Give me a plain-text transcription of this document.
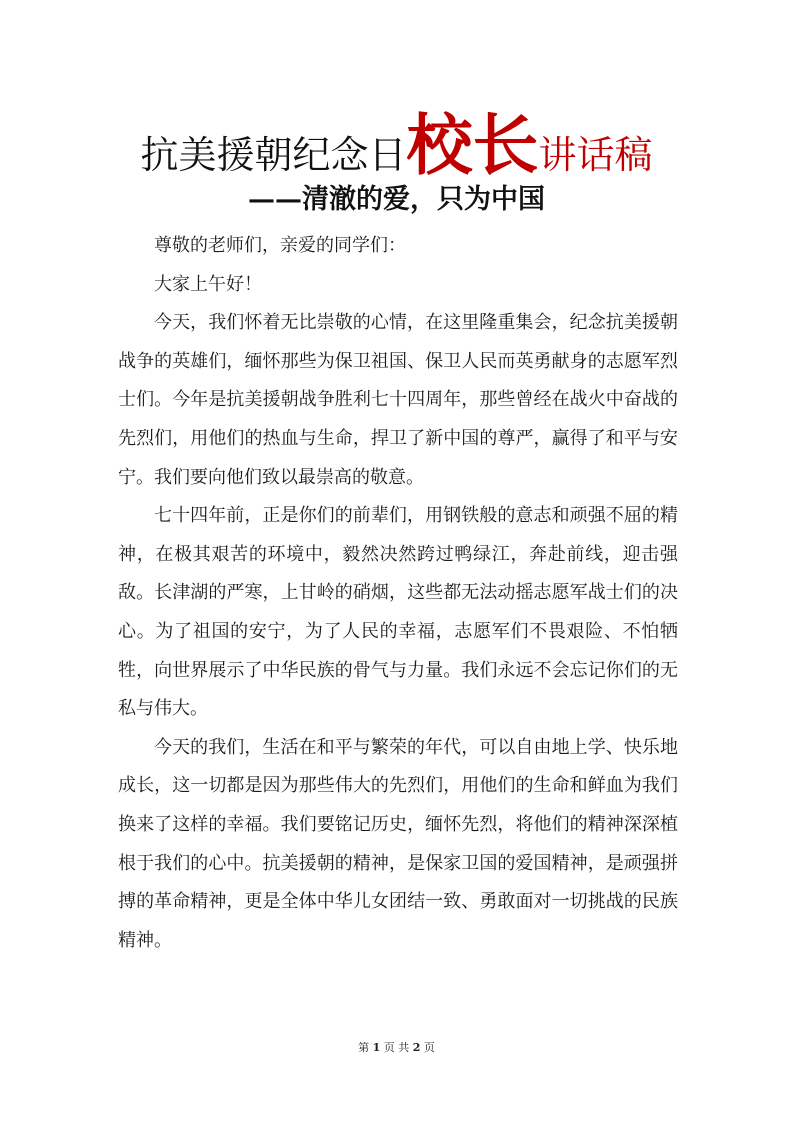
抗美援朝纪念日校长讲话稿
——清澈的爱，只为中国

尊敬的老师们，亲爱的同学们：

大家上午好！

今天，我们怀着无比崇敬的心情，在这里隆重集会，纪念抗美援朝战争的英雄们，缅怀那些为保卫祖国、保卫人民而英勇献身的志愿军烈士们。今年是抗美援朝战争胜利七十四周年，那些曾经在战火中奋战的先烈们，用他们的热血与生命，捍卫了新中国的尊严，赢得了和平与安宁。我们要向他们致以最崇高的敬意。

七十四年前，正是你们的前辈们，用钢铁般的意志和顽强不屈的精神，在极其艰苦的环境中，毅然决然跨过鸭绿江，奔赴前线，迎击强敌。长津湖的严寒，上甘岭的硝烟，这些都无法动摇志愿军战士们的决心。为了祖国的安宁，为了人民的幸福，志愿军们不畏艰险、不怕牺牲，向世界展示了中华民族的骨气与力量。我们永远不会忘记你们的无私与伟大。

今天的我们，生活在和平与繁荣的年代，可以自由地上学、快乐地成长，这一切都是因为那些伟大的先烈们，用他们的生命和鲜血为我们换来了这样的幸福。我们要铭记历史，缅怀先烈，将他们的精神深深植根于我们的心中。抗美援朝的精神，是保家卫国的爱国精神，是顽强拼搏的革命精神，更是全体中华儿女团结一致、勇敢面对一切挑战的民族精神。

第 1 页 共 2 页
